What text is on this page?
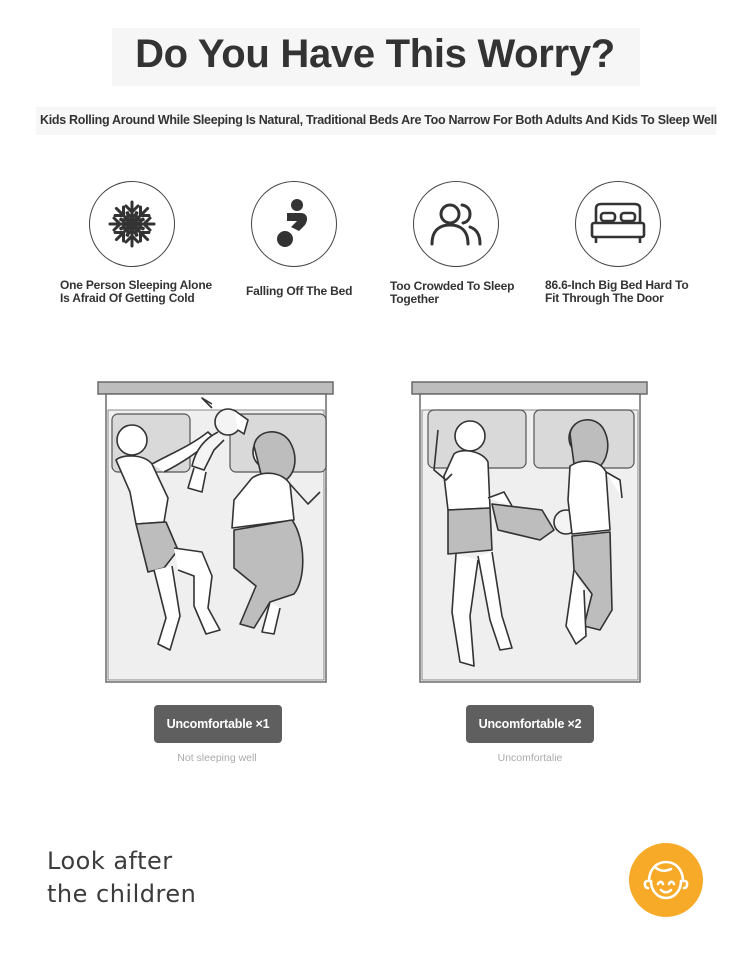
Do You Have This Worry?

Kids Rolling Around While Sleeping Is Natural, Traditional Beds Are Too Narrow For Both Adults And Kids To Sleep Well

One Person Sleeping Alone
Is Afraid Of Getting Cold	Falling Off The Bed	Too Crowded To Sleep
Together
86.6-Inch Big Bed Hard To
Fit Through The Door
Uncomfortable ×1
Not sleeping well
Uncomfortable ×2
Uncomfortalie
Look after
the children
